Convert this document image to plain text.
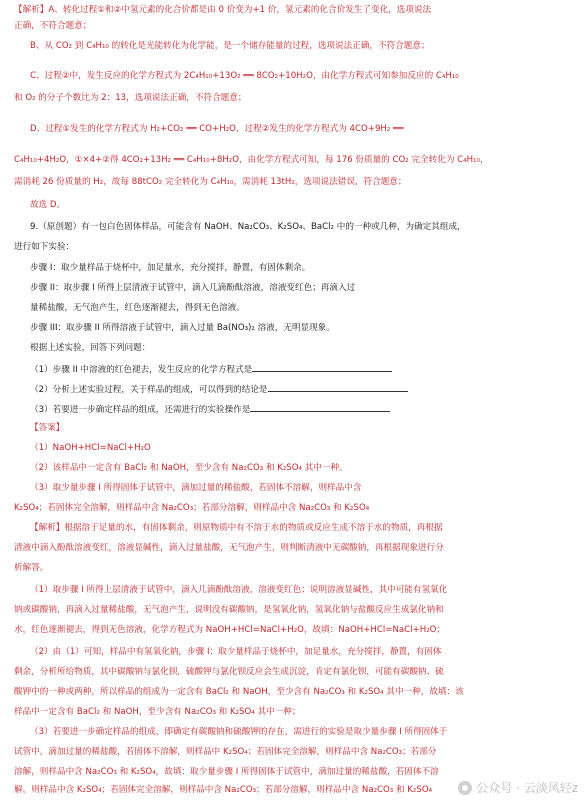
【解析】A、转化过程①和②中氢元素的化合价都是由 0 价变为+1 价，氢元素的化合价发生了变化，选项说法
正确，不符合题意；
B、从 CO₂ 到 C₄H₁₀ 的转化是光能转化为化学能，是一个储存能量的过程，选项说法正确，不符合题意；
C、过程②中，发生反应的化学方程式为 2C₄H₁₀+13O₂ ══ 8CO₂+10H₂O，由化学方程式可知参加反应的 C₄H₁₀
和 O₂ 的分子个数比为 2：13，选项说法正确，不符合题意；
D、过程①发生的化学方程式为 H₂+CO₂ ══ CO+H₂O，过程②发生的化学方程式为 4CO+9H₂ ══
C₄H₁₀+4H₂O，①×4+②得 4CO₂+13H₂ ══ C₄H₁₀+8H₂O，由化学方程式可知，每 176 份质量的 CO₂ 完全转化为 C₄H₁₀，
需消耗 26 份质量的 H₂，故每 88tCO₂ 完全转化为 C₄H₁₀，需消耗 13tH₂，选项说法错误，符合题意；
故选 D。
9.（原创题）有一包白色固体样品，可能含有 NaOH、Na₂CO₃、K₂SO₄、BaCl₂ 中的一种或几种，为确定其组成，
进行如下实验：
步骤 I：取少量样品于烧杯中，加足量水，充分搅拌，静置，有固体剩余。
步骤 II：取步骤 I 所得上层清液于试管中，滴入几滴酚酞溶液，溶液变红色；再滴入过
量稀盐酸，无气泡产生，红色逐渐褪去，得到无色溶液。
步骤 III：取步骤 II 所得溶液于试管中，滴入过量 Ba(NO₃)₂ 溶液，无明显现象。
根据上述实验，回答下列问题：
（1）步骤 II 中溶液的红色褪去，发生反应的化学方程式是
（2）分析上述实验过程，关于样品的组成，可以得到的结论是
（3）若要进一步确定样品的组成，还需进行的实验操作是
【答案】
（1）NaOH+HCl=NaCl+H₂O
（2）该样品中一定含有 BaCl₂ 和 NaOH，至少含有 Na₂CO₃ 和 K₂SO₄ 其中一种。
（3）取少量步骤 I 所得固体于试管中，滴加过量的稀盐酸，若固体不溶解，则样品中含
K₂SO₄；若固体完全溶解，则样品中含 Na₂CO₃；若部分溶解，则样品中含 Na₂CO₃ 和 K₂SO₄
【解析】根据溶于足量的水，有固体剩余，则原物质中有不溶于水的物质或反应生成不溶于水的物质，再根据
清液中滴入酚酞溶液变红，溶液显碱性，滴入过量盐酸，无气泡产生，则判断清液中无碳酸钠，再根据现象进行分
析解答。
（1）取步骤 I 所得上层清液于试管中，滴入几滴酚酞溶液，溶液变红色；说明溶液显碱性，其中可能有氢氧化
钠或碳酸钠，再滴入过量稀盐酸，无气泡产生，说明没有碳酸钠，是氢氧化钠，氢氧化钠与盐酸反应生成氯化钠和
水，红色逐渐褪去，得到无色溶液，化学方程式为 NaOH+HCl=NaCl+H₂O，故填：NaOH+HCl=NaCl+H₂O；
（2）由（1）可知，样品中有氢氧化钠，步骤 I：取少量样品于烧杯中，加足量水，充分搅拌，静置，有固体
剩余，分析所给物质，其中碳酸钠与氯化钡，硫酸钾与氯化钡反应会生成沉淀，肯定有氯化钡，可能有碳酸钠、硫
酸钾中的一种或两种，所以样品的组成为一定含有 BaCl₂ 和 NaOH，至少含有 Na₂CO₃ 和 K₂SO₄ 其中一种，故填：该
样品中一定含有 BaCl₂ 和 NaOH，至少含有 Na₂CO₃ 和 K₂SO₄ 其中一种；
（3）若要进一步确定样品的组成，即确定有碳酸钠和硫酸钾的存在，需进行的实验是取少量步骤 I 所得固体于
试管中，滴加过量的稀盐酸，若固体不溶解，则样品中 K₂SO₄；若固体完全溶解，则样品中含 Na₂CO₃；若部分
溶解，则样品中含 Na₂CO₃ 和 K₂SO₄，故填：取少量步骤 I 所得固体于试管中，滴加过量的稀盐酸，若固体不溶
解，则样品中含 K₂SO₄；若固体完全溶解，则样品中含 Na₂CO₃；若部分溶解，则样品中含 Na₂CO₃ 和 K₂SO₄	公众号 · 云淡风轻z
